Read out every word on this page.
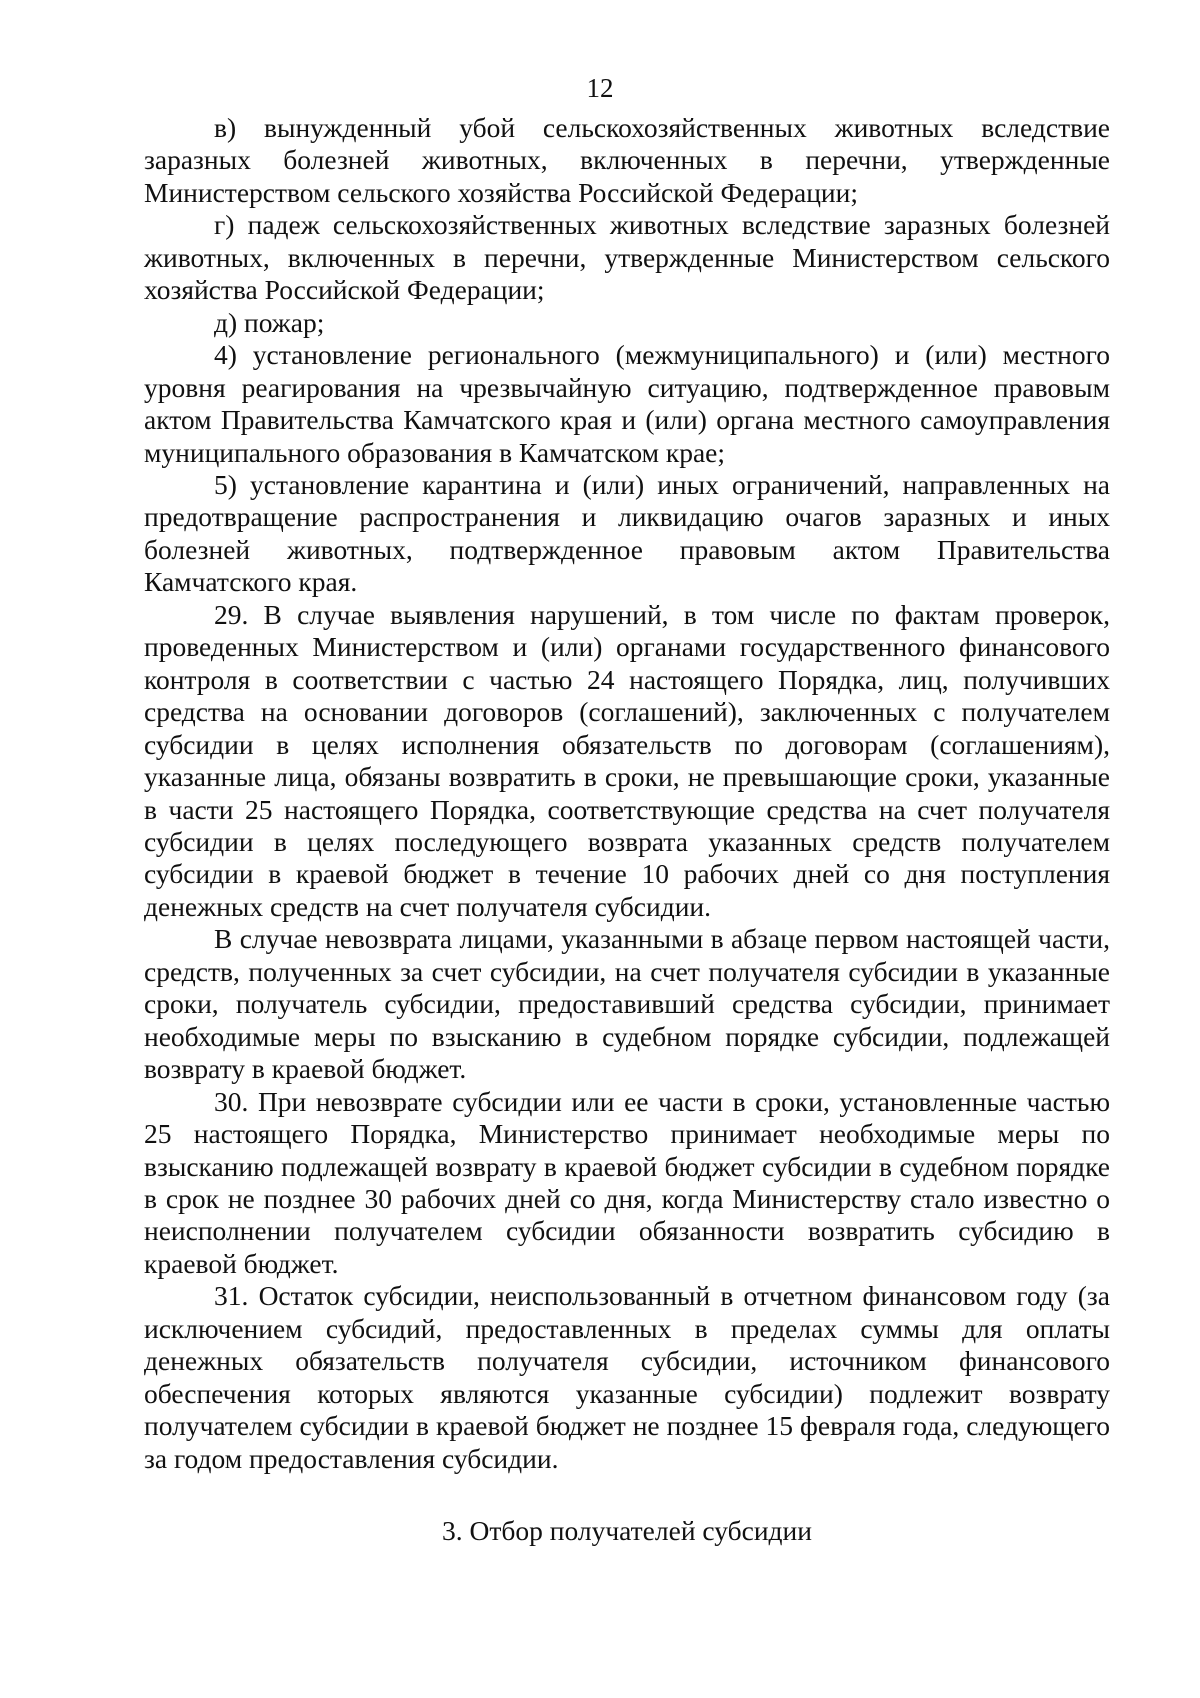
12

в) вынужденный убой сельскохозяйственных животных вследствие заразных болезней животных, включенных в перечни, утвержденные Министерством сельского хозяйства Российской Федерации;

г) падеж сельскохозяйственных животных вследствие заразных болезней животных, включенных в перечни, утвержденные Министерством сельского хозяйства Российской Федерации;

д) пожар;

4) установление регионального (межмуниципального) и (или) местного уровня реагирования на чрезвычайную ситуацию, подтвержденное правовым актом Правительства Камчатского края и (или) органа местного самоуправления муниципального образования в Камчатском крае;

5) установление карантина и (или) иных ограничений, направленных на предотвращение распространения и ликвидацию очагов заразных и иных болезней животных, подтвержденное правовым актом Правительства Камчатского края.

29. В случае выявления нарушений, в том числе по фактам проверок, проведенных Министерством и (или) органами государственного финансового контроля в соответствии с частью 24 настоящего Порядка, лиц, получивших средства на основании договоров (соглашений), заключенных с получателем субсидии в целях исполнения обязательств по договорам (соглашениям), указанные лица, обязаны возвратить в сроки, не превышающие сроки, указанные в части 25 настоящего Порядка, соответствующие средства на счет получателя субсидии в целях последующего возврата указанных средств получателем субсидии в краевой бюджет в течение 10 рабочих дней со дня поступления денежных средств на счет получателя субсидии.

В случае невозврата лицами, указанными в абзаце первом настоящей части, средств, полученных за счет субсидии, на счет получателя субсидии в указанные сроки, получатель субсидии, предоставивший средства субсидии, принимает необходимые меры по взысканию в судебном порядке субсидии, подлежащей возврату в краевой бюджет.

30. При невозврате субсидии или ее части в сроки, установленные частью 25 настоящего Порядка, Министерство принимает необходимые меры по взысканию подлежащей возврату в краевой бюджет субсидии в судебном порядке в срок не позднее 30 рабочих дней со дня, когда Министерству стало известно о неисполнении получателем субсидии обязанности возвратить субсидию в краевой бюджет.

31. Остаток субсидии, неиспользованный в отчетном финансовом году (за исключением субсидий, предоставленных в пределах суммы для оплаты денежных обязательств получателя субсидии, источником финансового обеспечения которых являются указанные субсидии) подлежит возврату получателем субсидии в краевой бюджет не позднее 15 февраля года, следующего за годом предоставления субсидии.

3. Отбор получателей субсидии
